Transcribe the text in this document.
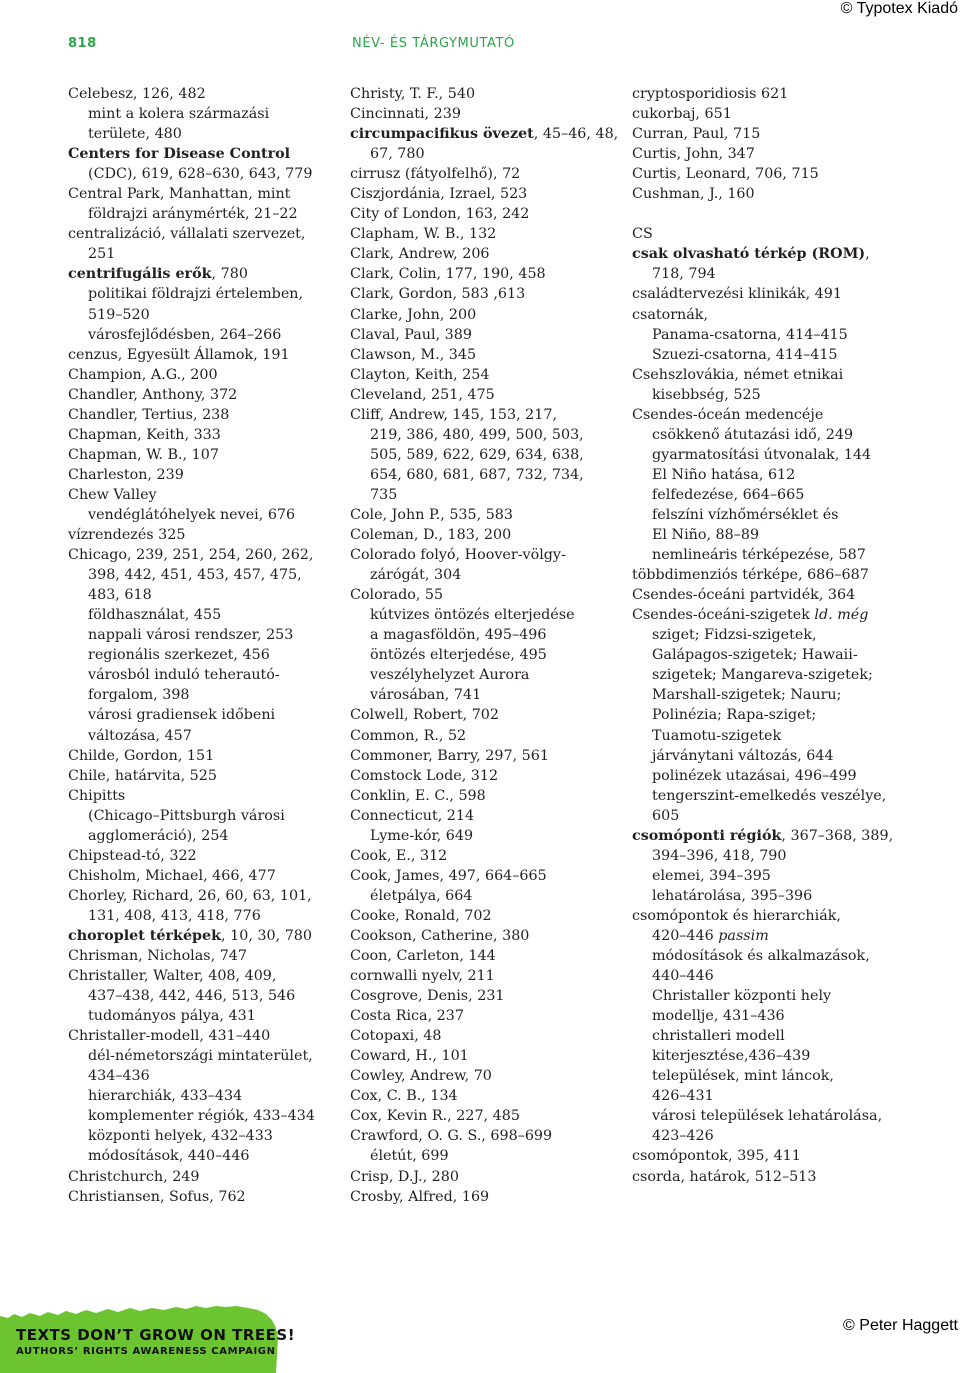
© Typotex Kiadó
818	NÉV- ÉS TÁRGYMUTATÓ
Celebesz, 126, 482
mint a kolera származási
területe, 480
Centers for Disease Control
(CDC), 619, 628–630, 643, 779
Central Park, Manhattan, mint
földrajzi aránymérték, 21–22
centralizáció, vállalati szervezet,
251
centrifugális erők, 780
politikai földrajzi értelemben,
519–520
városfejlődésben, 264–266
cenzus, Egyesült Államok, 191
Champion, A.G., 200
Chandler, Anthony, 372
Chandler, Tertius, 238
Chapman, Keith, 333
Chapman, W. B., 107
Charleston, 239
Chew Valley
vendéglátóhelyek nevei, 676
vízrendezés 325
Chicago, 239, 251, 254, 260, 262,
398, 442, 451, 453, 457, 475,
483, 618
földhasználat, 455
nappali városi rendszer, 253
regionális szerkezet, 456
városból induló teherautó-
forgalom, 398
városi gradiensek időbeni
változása, 457
Childe, Gordon, 151
Chile, határvita, 525
Chipitts
(Chicago–Pittsburgh városi
agglomeráció), 254
Chipstead-tó, 322
Chisholm, Michael, 466, 477
Chorley, Richard, 26, 60, 63, 101,
131, 408, 413, 418, 776
choroplet térképek, 10, 30, 780
Chrisman, Nicholas, 747
Christaller, Walter, 408, 409,
437–438, 442, 446, 513, 546
tudományos pálya, 431
Christaller-modell, 431–440
dél-németországi mintaterület,
434–436
hierarchiák, 433–434
komplementer régiók, 433–434
központi helyek, 432–433
módosítások, 440–446
Christchurch, 249
Christiansen, Sofus, 762
Christy, T. F., 540
Cincinnati, 239
circumpacifikus övezet, 45–46, 48,
67, 780
cirrusz (fátyolfelhő), 72
Ciszjordánia, Izrael, 523
City of London, 163, 242
Clapham, W. B., 132
Clark, Andrew, 206
Clark, Colin, 177, 190, 458
Clark, Gordon, 583 ,613
Clarke, John, 200
Claval, Paul, 389
Clawson, M., 345
Clayton, Keith, 254
Cleveland, 251, 475
Cliff, Andrew, 145, 153, 217,
219, 386, 480, 499, 500, 503,
505, 589, 622, 629, 634, 638,
654, 680, 681, 687, 732, 734,
735
Cole, John P., 535, 583
Coleman, D., 183, 200
Colorado folyó, Hoover-völgy-
zárógát, 304
Colorado, 55
kútvizes öntözés elterjedése
a magasföldön, 495–496
öntözés elterjedése, 495
veszélyhelyzet Aurora
városában, 741
Colwell, Robert, 702
Common, R., 52
Commoner, Barry, 297, 561
Comstock Lode, 312
Conklin, E. C., 598
Connecticut, 214
Lyme-kór, 649
Cook, E., 312
Cook, James, 497, 664–665
életpálya, 664
Cooke, Ronald, 702
Cookson, Catherine, 380
Coon, Carleton, 144
cornwalli nyelv, 211
Cosgrove, Denis, 231
Costa Rica, 237
Cotopaxi, 48
Coward, H., 101
Cowley, Andrew, 70
Cox, C. B., 134
Cox, Kevin R., 227, 485
Crawford, O. G. S., 698–699
életút, 699
Crisp, D.J., 280
Crosby, Alfred, 169
cryptosporidiosis 621
cukorbaj, 651
Curran, Paul, 715
Curtis, John, 347
Curtis, Leonard, 706, 715
Cushman, J., 160
CS
csak olvasható térkép (ROM),
718, 794
családtervezési klinikák, 491
csatornák,
Panama-csatorna, 414–415
Szuezi-csatorna, 414–415
Csehszlovákia, német etnikai
kisebbség, 525
Csendes-óceán medencéje
csökkenő átutazási idő, 249
gyarmatosítási útvonalak, 144
El Niño hatása, 612
felfedezése, 664–665
felszíni vízhőmérséklet és
El Niño, 88–89
nemlineáris térképezése, 587
többdimenziós térképe, 686–687
Csendes-óceáni partvidék, 364
Csendes-óceáni-szigetek ld. még
sziget; Fidzsi-szigetek,
Galápagos-szigetek; Hawaii-
szigetek; Mangareva-szigetek;
Marshall-szigetek; Nauru;
Polinézia; Rapa-sziget;
Tuamotu-szigetek
járványtani változás, 644
polinézek utazásai, 496–499
tengerszint-emelkedés veszélye,
605
csomóponti régiók, 367–368, 389,
394–396, 418, 790
elemei, 394–395
lehatárolása, 395–396
csomópontok és hierarchiák,
420–446 passim
módosítások és alkalmazások,
440–446
Christaller központi hely
modellje, 431–436
christalleri modell
kiterjesztése,436–439
települések, mint láncok,
426–431
városi települések lehatárolása,
423–426
csomópontok, 395, 411
csorda, határok, 512–513
TEXTS DON’T GROW ON TREES!
AUTHORS’ RIGHTS AWARENESS CAMPAIGN
© Peter Haggett
